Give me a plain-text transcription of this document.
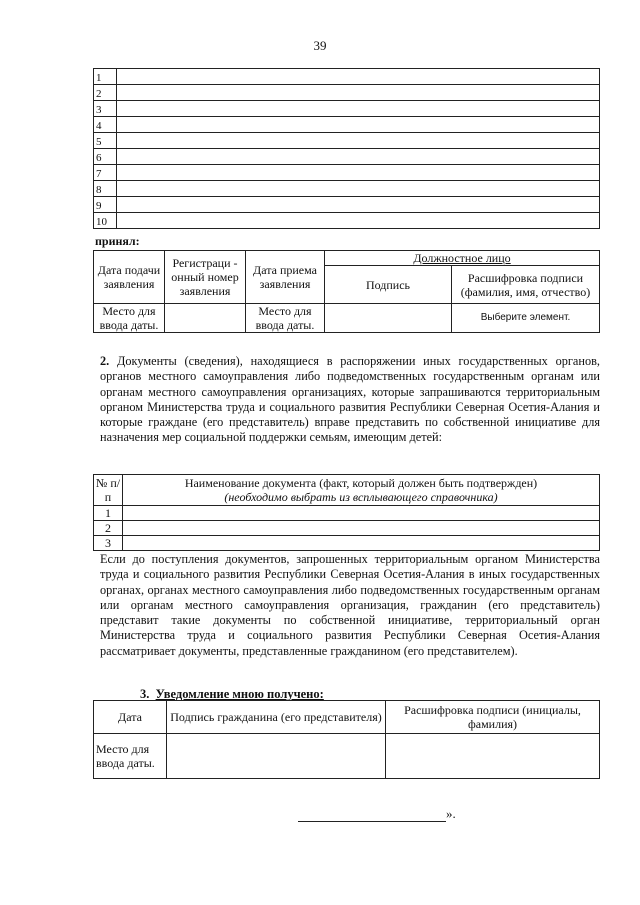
39
1	
2	
3	
4	
5	
6	
7	
8	
9	
10	
принял:
Дата подачи заявления	Регистраци - онный номер заявления	Дата приема заявления	Должностное лицо	
			Подпись	Расшифровка подписи (фамилия, имя, отчество)
Место для ввода даты.		Место для ввода даты.		Выберите элемент.
2. Документы (сведения), находящиеся в распоряжении иных государственных органов, органов местного самоуправления либо подведомственных государственным органам или органам местного самоуправления организациях, которые запрашиваются территориальным органом Министерства труда и социального развития Республики Северная Осетия-Алания и которые граждане (его представитель) вправе представить по собственной инициативе для назначения мер социальной поддержки семьям, имеющим детей:
№ п/п	Наименование документа (факт, который должен быть подтвержден)
(необходимо выбрать из всплывающего справочника)
1	
2	
3	
Если до поступления документов, запрошенных территориальным органом Министерства труда и социального развития Республики Северная Осетия-Алания в иных государственных органах, органах местного самоуправления либо подведомственных государственным органам или органам местного самоуправления организация, гражданин (его представитель) представит такие документы по собственной инициативе, территориальный орган Министерства труда и социального развития Республики Северная Осетия-Алания рассматривает документы, представленные гражданином (его представителем).
3. Уведомление мною получено:
Дата	Подпись гражданина (его представителя)	Расшифровка подписи (инициалы, фамилия)
Место для ввода даты.		
».
